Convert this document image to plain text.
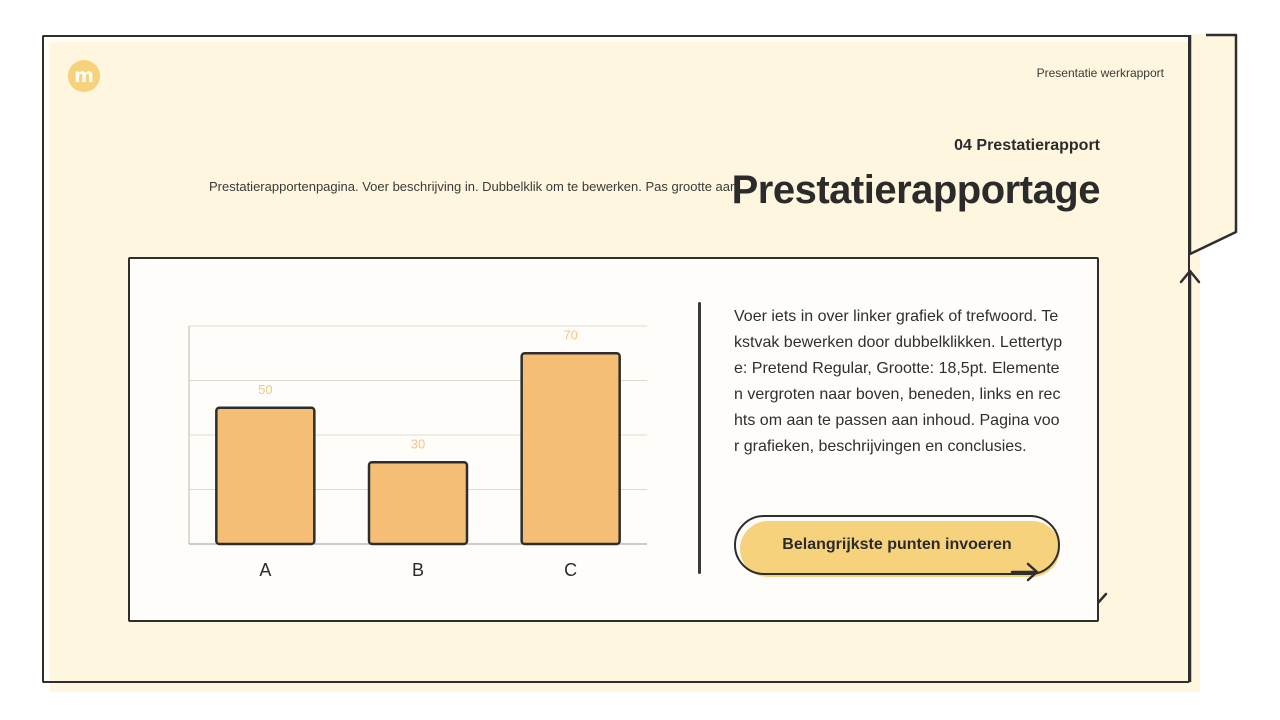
m	Presentatie werkrapport
Prestatierapportenpagina. Voer beschrijving in. Dubbelklik om te bewerken. Pas grootte aan.
04 Prestatierapport
Prestatierapportage
50
A
30
B
70
C
Voer iets in over linker grafiek of trefwoord. Tekstvak bewerken door dubbelklikken. Lettertype: Pretend Regular, Grootte: 18,5pt. Elementen vergroten naar boven, beneden, links en rechts om aan te passen aan inhoud. Pagina voor grafieken, beschrijvingen en conclusies.
Belangrijkste punten invoeren
